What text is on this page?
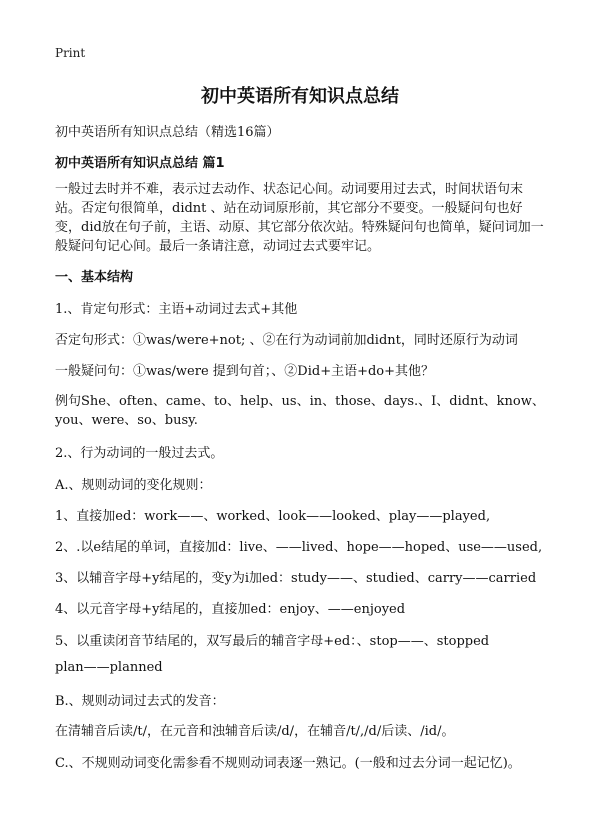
Print
初中英语所有知识点总结
初中英语所有知识点总结（精选16篇）
初中英语所有知识点总结 篇1
一般过去时并不难，表示过去动作、状态记心间。动词要用过去式，时间状语句末站。否定句很简单，didnt 、站在动词原形前，其它部分不要变。一般疑问句也好变，did放在句子前，主语、动原、其它部分依次站。特殊疑问句也简单，疑问词加一般疑问句记心间。最后一条请注意，动词过去式要牢记。
一、基本结构
1.、肯定句形式：主语+动词过去式+其他
否定句形式：①was/were+not; 、②在行为动词前加didnt，同时还原行为动词
一般疑问句：①was/were 提到句首；、②Did+主语+do+其他？
例句She、often、came、to、help、us、in、those、days.、I、didnt、know、you、were、so、busy.
2.、行为动词的一般过去式。
A.、规则动词的变化规则：
1、直接加ed：work——、worked、look——looked、play——played,
2、.以e结尾的单词，直接加d：live、——lived、hope——hoped、use——used,
3、以辅音字母+y结尾的，变y为i加ed：study——、studied、carry——carried
4、以元音字母+y结尾的，直接加ed：enjoy、——enjoyed
5、以重读闭音节结尾的，双写最后的辅音字母+ed：、stop——、stopped
plan——planned
B.、规则动词过去式的发音：
在清辅音后读/t/，在元音和浊辅音后读/d/，在辅音/t/,/d/后读、/id/。
C.、不规则动词变化需参看不规则动词表逐一熟记。(一般和过去分词一起记忆)。
